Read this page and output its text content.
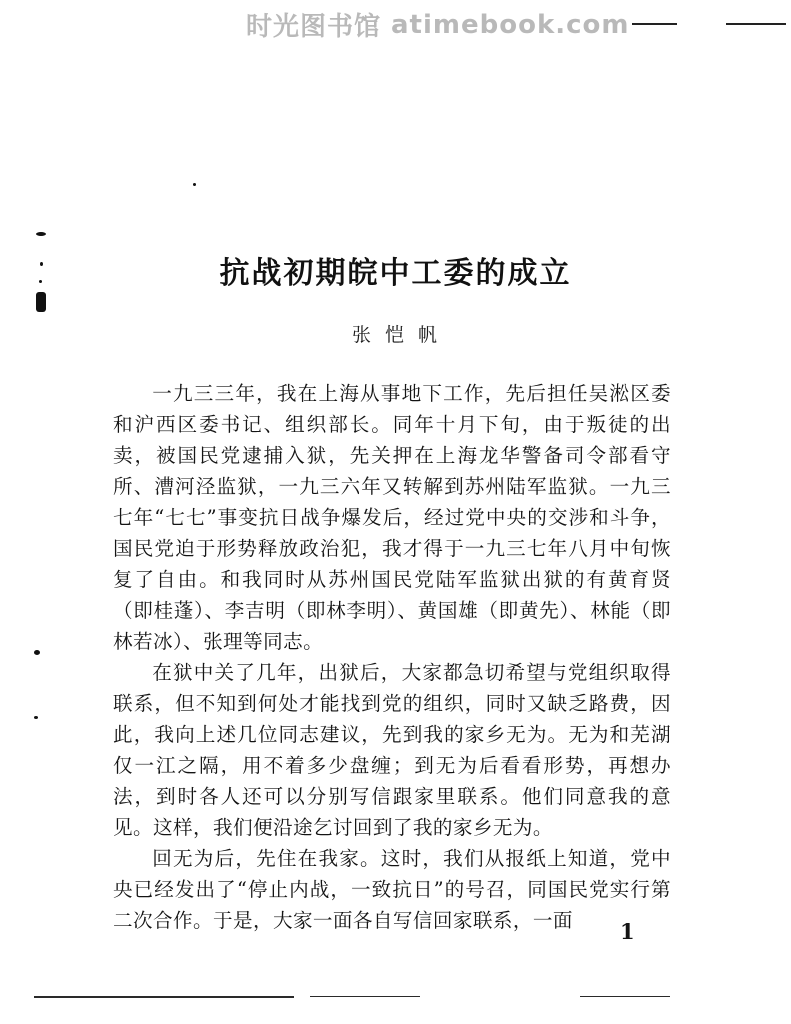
时光图书馆 atimebook.com
抗战初期皖中工委的成立
张恺帆

一九三三年，我在上海从事地下工作，先后担任吴淞区委和沪西区委书记、组织部长。同年十月下旬，由于叛徒的出卖，被国民党逮捕入狱，先关押在上海龙华警备司令部看守所、漕河泾监狱，一九三六年又转解到苏州陆军监狱。一九三七年“七七”事变抗日战争爆发后，经过党中央的交涉和斗争，国民党迫于形势释放政治犯，我才得于一九三七年八月中旬恢复了自由。和我同时从苏州国民党陆军监狱出狱的有黄育贤（即桂蓬）、李吉明（即林李明）、黄国雄（即黄先）、林能（即林若冰）、张理等同志。

在狱中关了几年，出狱后，大家都急切希望与党组织取得联系，但不知到何处才能找到党的组织，同时又缺乏路费，因此，我向上述几位同志建议，先到我的家乡无为。无为和芜湖仅一江之隔，用不着多少盘缠；到无为后看看形势，再想办法，到时各人还可以分别写信跟家里联系。他们同意我的意见。这样，我们便沿途乞讨回到了我的家乡无为。

回无为后，先住在我家。这时，我们从报纸上知道，党中央已经发出了“停止内战，一致抗日”的号召，同国民党实行第二次合作。于是，大家一面各自写信回家联系，一面	1
